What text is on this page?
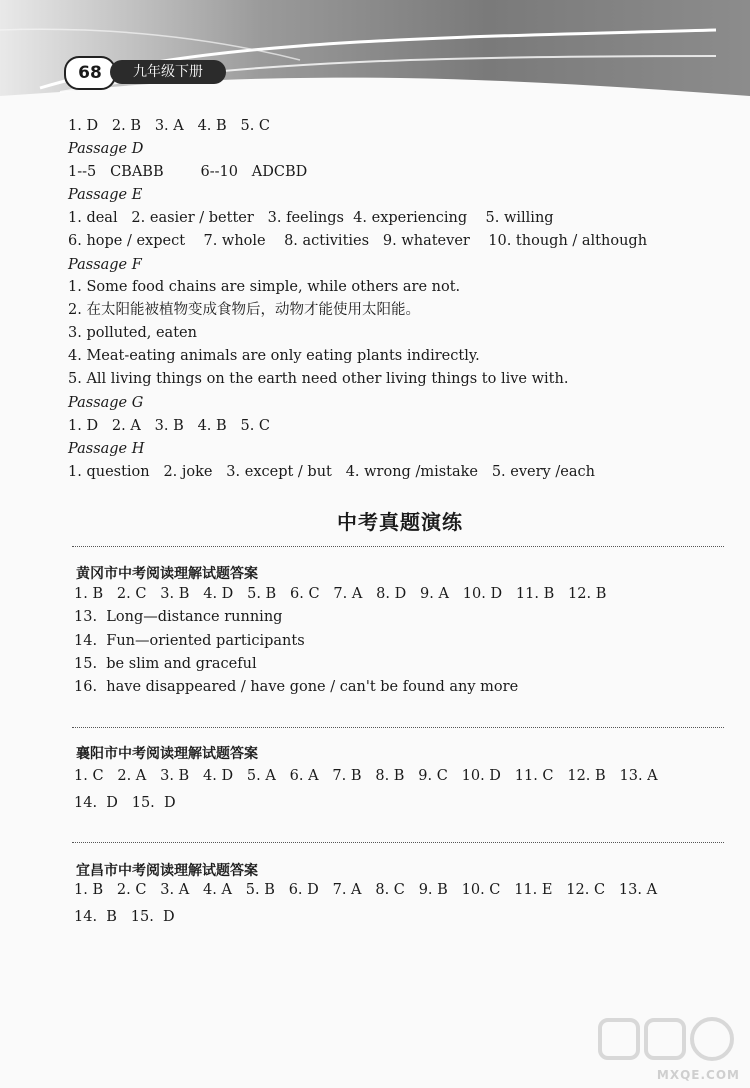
68	九年级下册
1. D   2. B   3. A   4. B   5. C
Passage D
1--5   CBABB        6--10   ADCBD
Passage E
1. deal   2. easier / better   3. feelings  4. experiencing    5. willing
6. hope / expect    7. whole    8. activities   9. whatever    10. though / although
Passage F
1. Some food chains are simple, while others are not.
2. 在太阳能被植物变成食物后，动物才能使用太阳能。
3. polluted, eaten
4. Meat-eating animals are only eating plants indirectly.
5. All living things on the earth need other living things to live with.
Passage G
1. D   2. A   3. B   4. B   5. C
Passage H
1. question   2. joke   3. except / but   4. wrong /mistake   5. every /each
中考真题演练
黄冈市中考阅读理解试题答案
1. B   2. C   3. B   4. D   5. B   6. C   7. A   8. D   9. A   10. D   11. B   12. B
13.  Long—distance running
14.  Fun—oriented participants
15.  be slim and graceful
16.  have disappeared / have gone / can't be found any more
襄阳市中考阅读理解试题答案
1. C   2. A   3. B   4. D   5. A   6. A   7. B   8. B   9. C   10. D   11. C   12. B   13. A
14.  D   15.  D
宜昌市中考阅读理解试题答案
1. B   2. C   3. A   4. A   5. B   6. D   7. A   8. C   9. B   10. C   11. E   12. C   13. A
14.  B   15.  D
MXQE.COM
